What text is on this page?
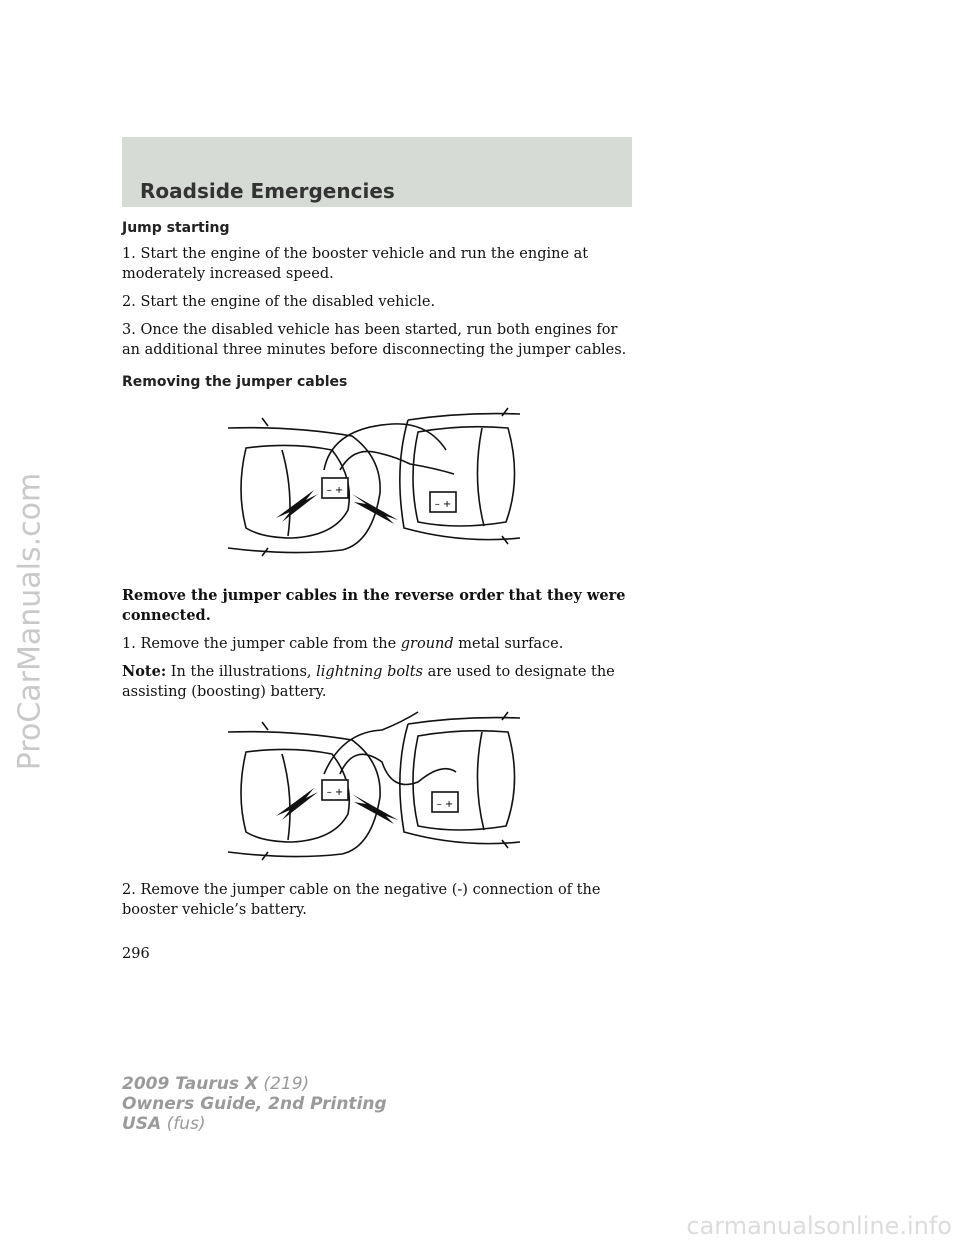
ProCarManuals.com
Roadside Emergencies
Jump starting

1. Start the engine of the booster vehicle and run the engine at moderately increased speed.

2. Start the engine of the disabled vehicle.

3. Once the disabled vehicle has been started, run both engines for an additional three minutes before disconnecting the jumper cables.

Removing the jumper cables
– +
– +

Remove the jumper cables in the reverse order that they were connected.

1. Remove the jumper cable from the ground metal surface.

Note: In the illustrations, lightning bolts are used to designate the assisting (boosting) battery.

– +
– +

2. Remove the jumper cable on the negative (-) connection of the booster vehicle’s battery.

296
2009 Taurus X (219)
Owners Guide, 2nd Printing
USA (fus)
carmanualsonline.info
